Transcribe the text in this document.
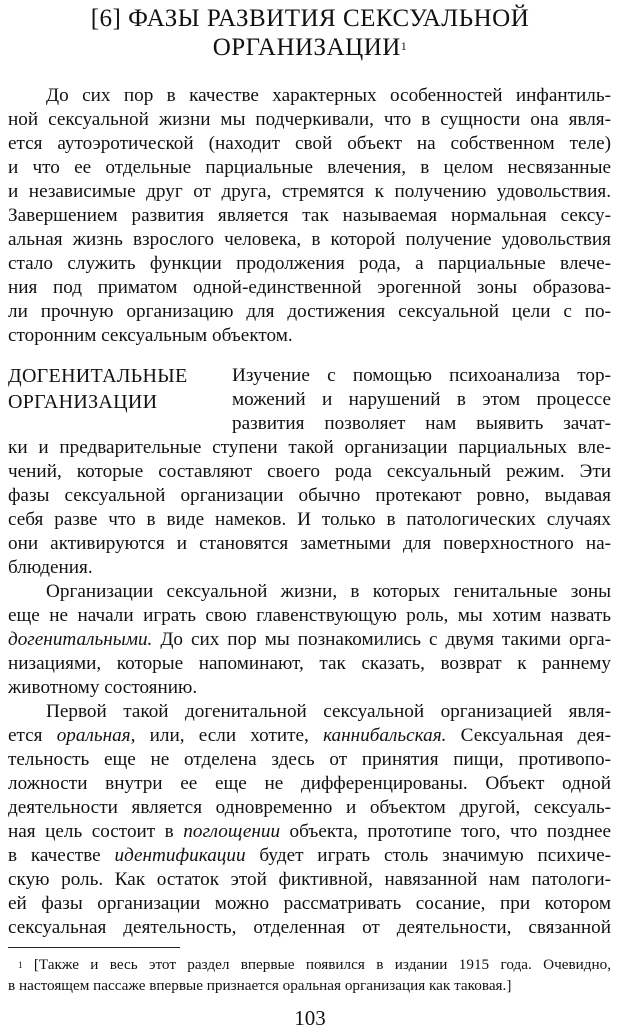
[6] ФАЗЫ РАЗВИТИЯ СЕКСУАЛЬНОЙ
ОРГАНИЗАЦИИ$^1$
До сих пор в качестве характерных особенностей инфантиль-
ной сексуальной жизни мы подчеркивали, что в сущности она явля-
ется аутоэротической (находит свой объект на собственном теле)
и что ее отдельные парциальные влечения, в целом несвязанные
и независимые друг от друга, стремятся к получению удовольствия.
Завершением развития является так называемая нормальная сексу-
альная жизнь взрослого человека, в которой получение удовольствия
стало служить функции продолжения рода, а парциальные влече-
ния под приматом одной-единственной эрогенной зоны образова-
ли прочную организацию для достижения сексуальной цели с по-
сторонним сексуальным объектом.
Изучение с помощью психоанализа тор-
можений и нарушений в этом процессе
развития позволяет нам выявить зачат-
ки и предварительные ступени такой организации парциальных вле-
чений, которые составляют своего рода сексуальный режим. Эти
фазы сексуальной организации обычно протекают ровно, выдавая
себя разве что в виде намеков. И только в патологических случаях
они активируются и становятся заметными для поверхностного на-
блюдения.
Организации сексуальной жизни, в которых генитальные зоны
еще не начали играть свою главенствующую роль, мы хотим назвать
догенитальными. До сих пор мы познакомились с двумя такими орга-
низациями, которые напоминают, так сказать, возврат к раннему
животному состоянию.
Первой такой догенитальной сексуальной организацией явля-
ется оральная, или, если хотите, каннибальская. Сексуальная дея-
тельность еще не отделена здесь от принятия пищи, противопо-
ложности внутри ее еще не дифференцированы. Объект одной
деятельности является одновременно и объектом другой, сексуаль-
ная цель состоит в поглощении объекта, прототипе того, что позднее
в качестве идентификации будет играть столь значимую психиче-
скую роль. Как остаток этой фиктивной, навязанной нам патологи-
ей фазы организации можно рассматривать сосание, при котором
сексуальная деятельность, отделенная от деятельности, связанной
ДОГЕНИТАЛЬНЫЕ
ОРГАНИЗАЦИИ
$^1$ [Также и весь этот раздел впервые появился в издании 1915 года. Очевидно,
в настоящем пассаже впервые признается оральная организация как таковая.]
103
